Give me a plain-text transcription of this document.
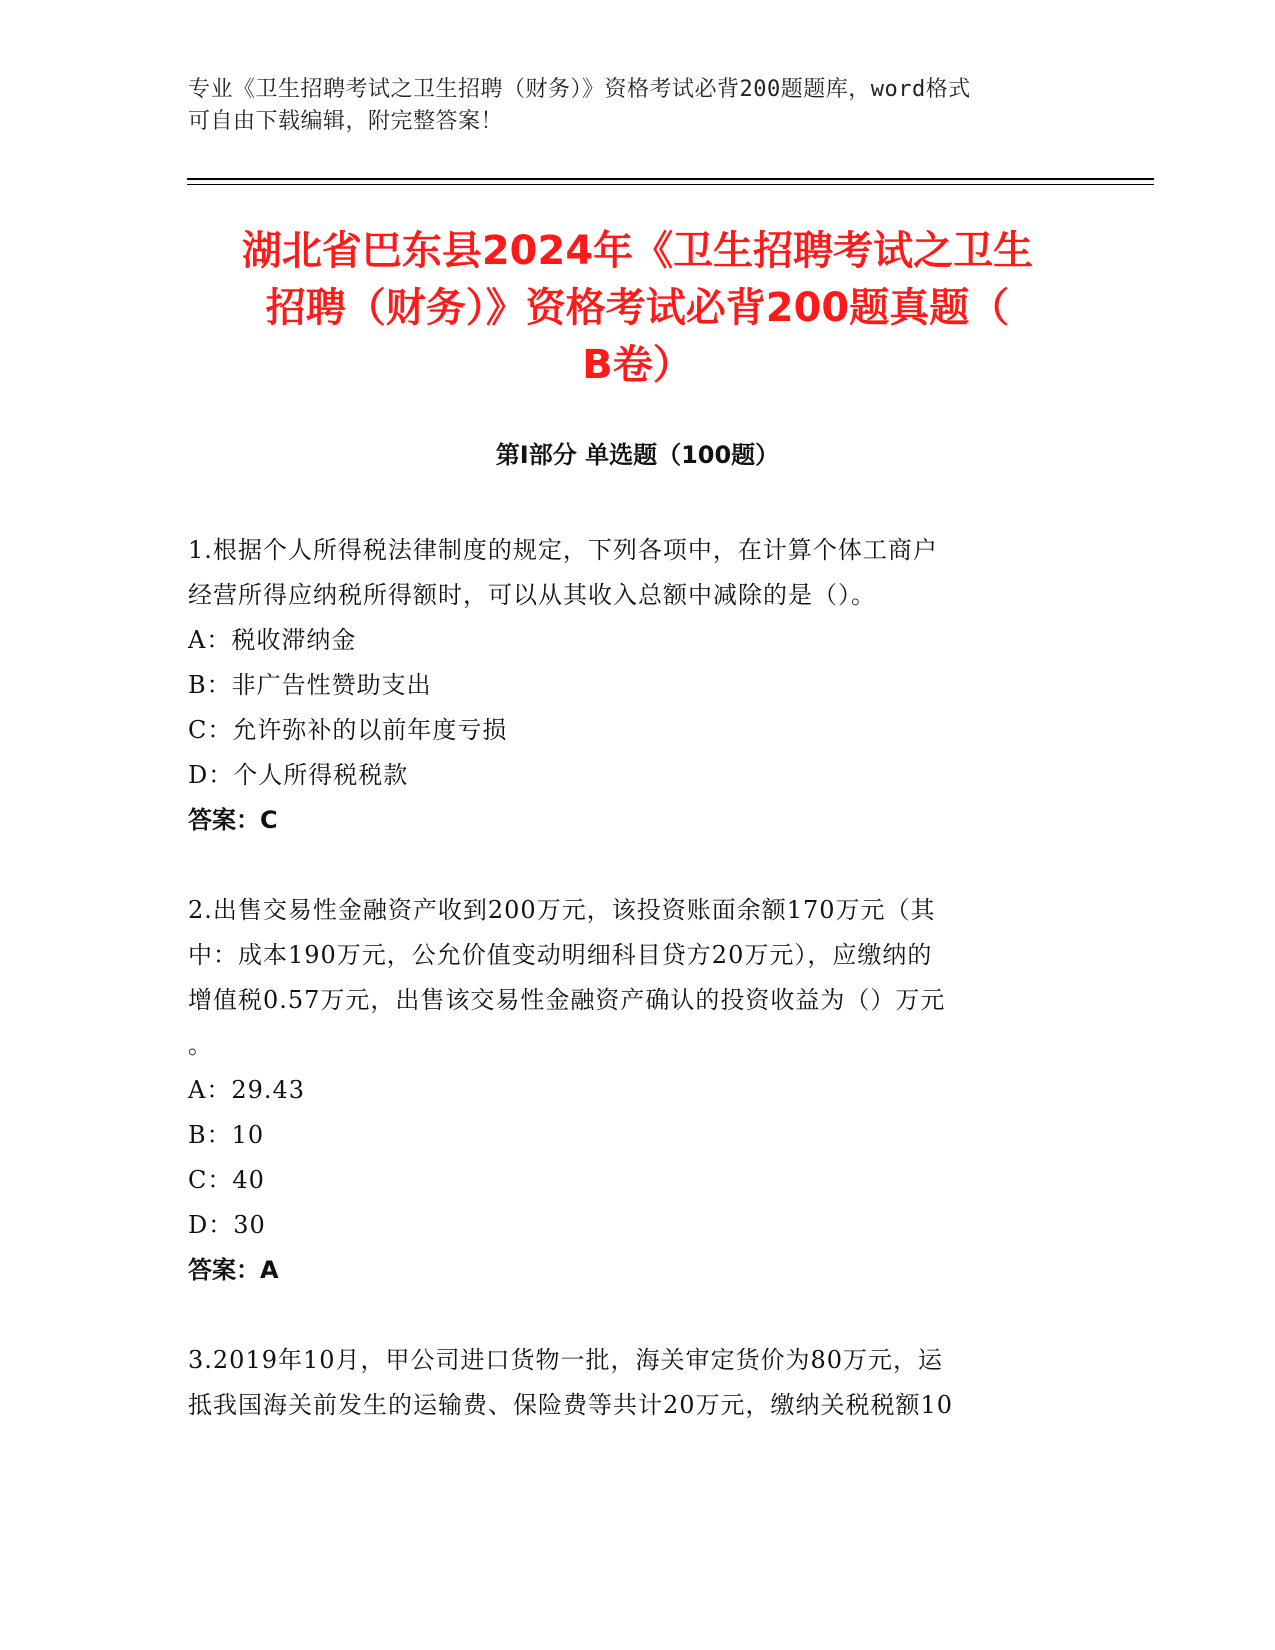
专业《卫生招聘考试之卫生招聘（财务）》资格考试必背200题题库，word格式
可自由下载编辑，附完整答案！
湖北省巴东县2024年《卫生招聘考试之卫生
招聘（财务）》资格考试必背200题真题（
B卷）
第I部分 单选题（100题）
1.根据个人所得税法律制度的规定，下列各项中，在计算个体工商户
经营所得应纳税所得额时，可以从其收入总额中减除的是（）。
A：税收滞纳金
B：非广告性赞助支出
C：允许弥补的以前年度亏损
D：个人所得税税款
答案：C
2.出售交易性金融资产收到200万元，该投资账面余额170万元（其
中：成本190万元，公允价值变动明细科目贷方20万元），应缴纳的
增值税0.57万元，出售该交易性金融资产确认的投资收益为（）万元
。
A：29.43
B：10
C：40
D：30
答案：A
3.2019年10月，甲公司进口货物一批，海关审定货价为80万元，运
抵我国海关前发生的运输费、保险费等共计20万元，缴纳关税税额10
